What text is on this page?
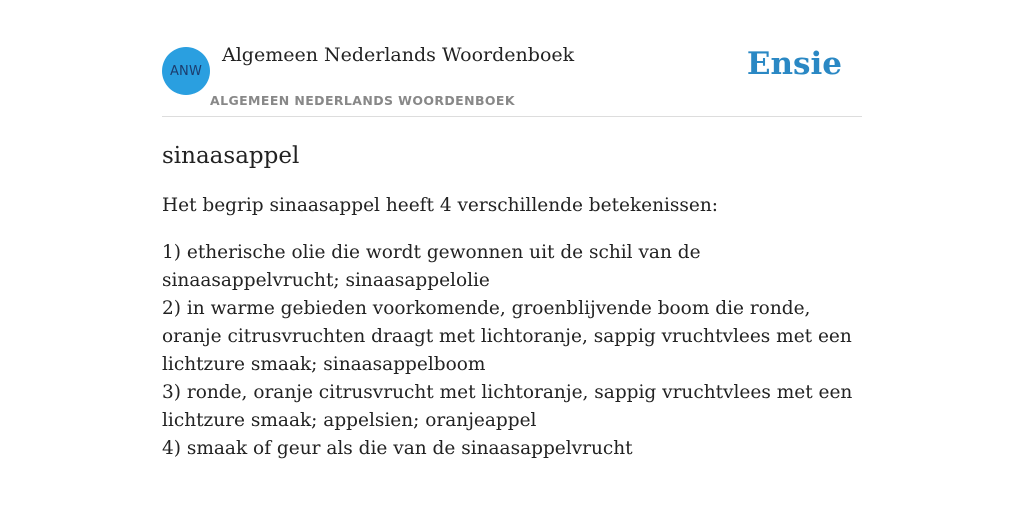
ANW
Algemeen Nederlands Woordenboek
ALGEMEEN NEDERLANDS WOORDENBOEK
Ensie
sinaasappel

Het begrip sinaasappel heeft 4 verschillende betekenissen:

1) etherische olie die wordt gewonnen uit de schil van de sinaasappelvrucht; sinaasappelolie
2) in warme gebieden voorkomende, groenblijvende boom die ronde, oranje citrusvruchten draagt met lichtoranje, sappig vruchtvlees met een lichtzure smaak; sinaasappelboom
3) ronde, oranje citrusvrucht met lichtoranje, sappig vruchtvlees met een lichtzure smaak; appelsien; oranjeappel
4) smaak of geur als die van de sinaasappelvrucht
